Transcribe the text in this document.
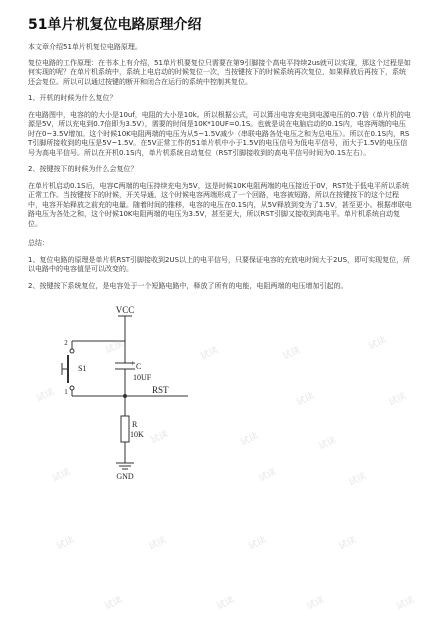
51单片机复位电路原理介绍

本文章介绍51单片机复位电路原理。

复位电路的工作原理：在书本上有介绍，51单片机要复位只需要在第9引脚接个高电平持续2us就可以实现，那这个过程是如何实现的呢？在单片机系统中，系统上电启动的时候复位一次，当按键按下的时候系统再次复位，如果释放后再按下，系统还会复位。所以可以通过按键的断开和闭合在运行的系统中控制其复位。

1、开机的时候为什么复位？

在电路图中，电容的的大小是10uf，电阻的大小是10k。所以根据公式，可以算出电容充电到电源电压的0.7倍（单片机的电源是5V，所以充电到0.7倍即为3.5V），需要的时间是10K*10UF=0.1S。也就是说在电脑启动的0.1S内，电容两端的电压时在0~3.5V增加。这个时候10K电阻两端的电压为从5~1.5V减少（串联电路各处电压之和为总电压）。所以在0.1S内，RST引脚所接收到的电压是5V~1.5V。在5V正常工作的51单片机中小于1.5V的电压信号为低电平信号，而大于1.5V的电压信号为高电平信号。所以在开机0.1S内，单片机系统自动复位（RST引脚接收到的高电平信号时间为0.1S左右）。

2、按键按下的时候为什么会复位？

在单片机启动0.1S后，电容C两端的电压持续充电为5V，这是时候10K电阻两端的电压接近于0V，RST处于低电平所以系统正常工作。当按键按下的时候，开关导通，这个时候电容两端形成了一个回路，电容被短路，所以在按键按下的这个过程中，电容开始释放之前充的电量。随着时间的推移，电容的电压在0.1S内，从5V释放到变为了1.5V，甚至更小。根据串联电路电压为各处之和，这个时候10K电阻两端的电压为3.5V，甚至更大，所以RST引脚又接收到高电平。单片机系统自动复位。

总结：

1、复位电路的原理是单片机RST引脚接收到2US以上的电平信号，只要保证电容的充放电时间大于2US，即可实现复位，所以电路中的电容值是可以改变的。

2、按键按下系统复位，是电容处于一个短路电路中，释放了所有的电能，电阻两端的电压增加引起的。

VCC
2
1
S1
+ C
10UF
RST
R
10K
GND
试读	试读	试读
试读
试读	试读	试读
试读	试读	试读
试读	试读	试读
试读	试读	试读	试读
试读	试读	试读	试读
